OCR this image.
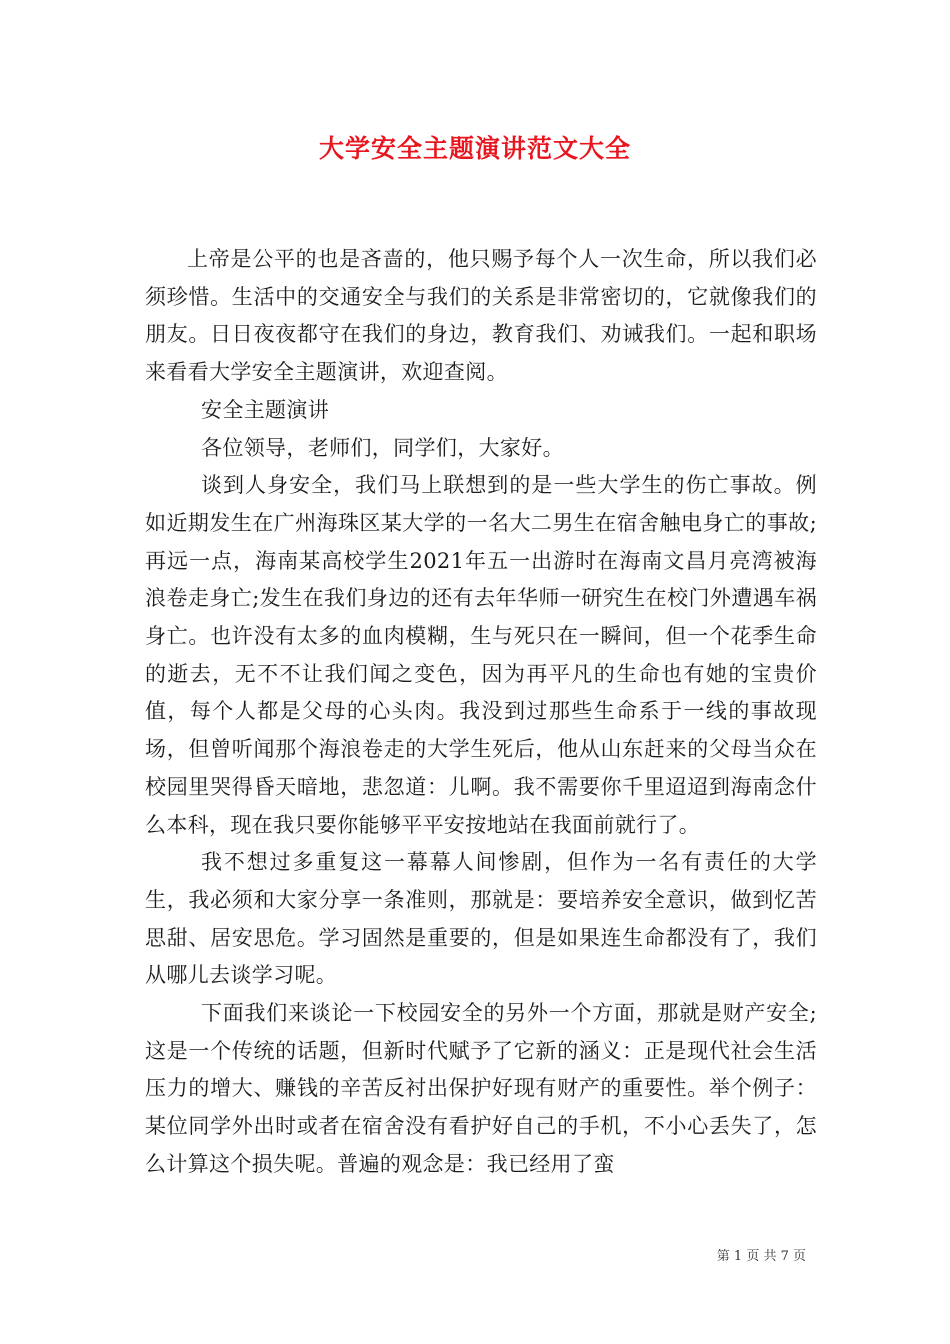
大学安全主题演讲范文大全

上帝是公平的也是吝啬的，他只赐予每个人一次生命，所以我们必须珍惜。生活中的交通安全与我们的关系是非常密切的，它就像我们的朋友。日日夜夜都守在我们的身边，教育我们、劝诫我们。一起和职场来看看大学安全主题演讲，欢迎查阅。

安全主题演讲

各位领导，老师们，同学们，大家好。

谈到人身安全，我们马上联想到的是一些大学生的伤亡事故。例如近期发生在广州海珠区某大学的一名大二男生在宿舍触电身亡的事故;再远一点，海南某高校学生2021年五一出游时在海南文昌月亮湾被海浪卷走身亡;发生在我们身边的还有去年华师一研究生在校门外遭遇车祸身亡。也许没有太多的血肉模糊，生与死只在一瞬间，但一个花季生命的逝去，无不不让我们闻之变色，因为再平凡的生命也有她的宝贵价值，每个人都是父母的心头肉。我没到过那些生命系于一线的事故现场，但曾听闻那个海浪卷走的大学生死后，他从山东赶来的父母当众在校园里哭得昏天暗地，悲忽道：儿啊。我不需要你千里迢迢到海南念什么本科，现在我只要你能够平平安按地站在我面前就行了。

我不想过多重复这一幕幕人间惨剧，但作为一名有责任的大学生，我必须和大家分享一条准则，那就是：要培养安全意识，做到忆苦思甜、居安思危。学习固然是重要的，但是如果连生命都没有了，我们从哪儿去谈学习呢。

下面我们来谈论一下校园安全的另外一个方面，那就是财产安全;这是一个传统的话题，但新时代赋予了它新的涵义：正是现代社会生活压力的增大、赚钱的辛苦反衬出保护好现有财产的重要性。举个例子：某位同学外出时或者在宿舍没有看护好自己的手机，不小心丢失了，怎么计算这个损失呢。普遍的观念是：我已经用了蛮

第 1 页 共 7 页
